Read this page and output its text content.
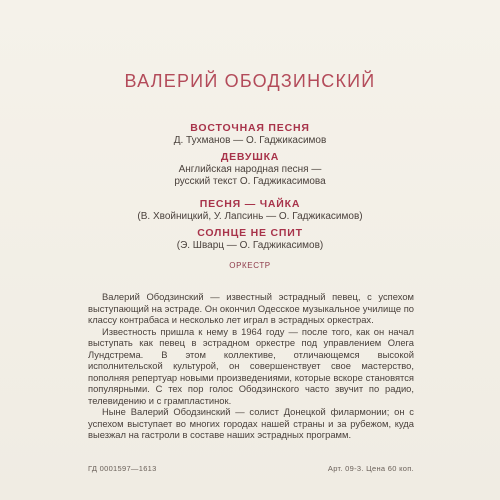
ВАЛЕРИЙ ОБОДЗИНСКИЙ
ВОСТОЧНАЯ ПЕСНЯ
Д. Тухманов — О. Гаджикасимов
ДЕВУШКА
Английская народная песня —
русский текст О. Гаджикасимова
ПЕСНЯ — ЧАЙКА
(В. Хвойницкий, У. Лапсинь — О. Гаджикасимов)
СОЛНЦЕ НЕ СПИТ
(Э. Шварц — О. Гаджикасимов)
ОРКЕСТР

Валерий Ободзинский — известный эстрадный певец, с успехом выступающий на эстраде. Он окончил Одесское музыкальное училище по классу контрабаса и несколько лет играл в эстрадных оркестрах.

Известность пришла к нему в 1964 году — после того, как он начал выступать как певец в эстрадном оркестре под управлением Олега Лундстрема. В этом коллективе, отличающемся высокой исполнительской культурой, он совершенствует свое мастерство, пополняя репертуар новыми произведениями, которые вскоре становятся популярными. С тех пор голос Ободзинского часто звучит по радио, телевидению и с грампластинок.

Ныне Валерий Ободзинский — солист Донецкой филармонии; он с успехом выступает во многих городах нашей страны и за рубежом, куда выезжал на гастроли в составе наших эстрадных программ.

ГД 0001597—1613	Арт. 09-3. Цена 60 коп.
